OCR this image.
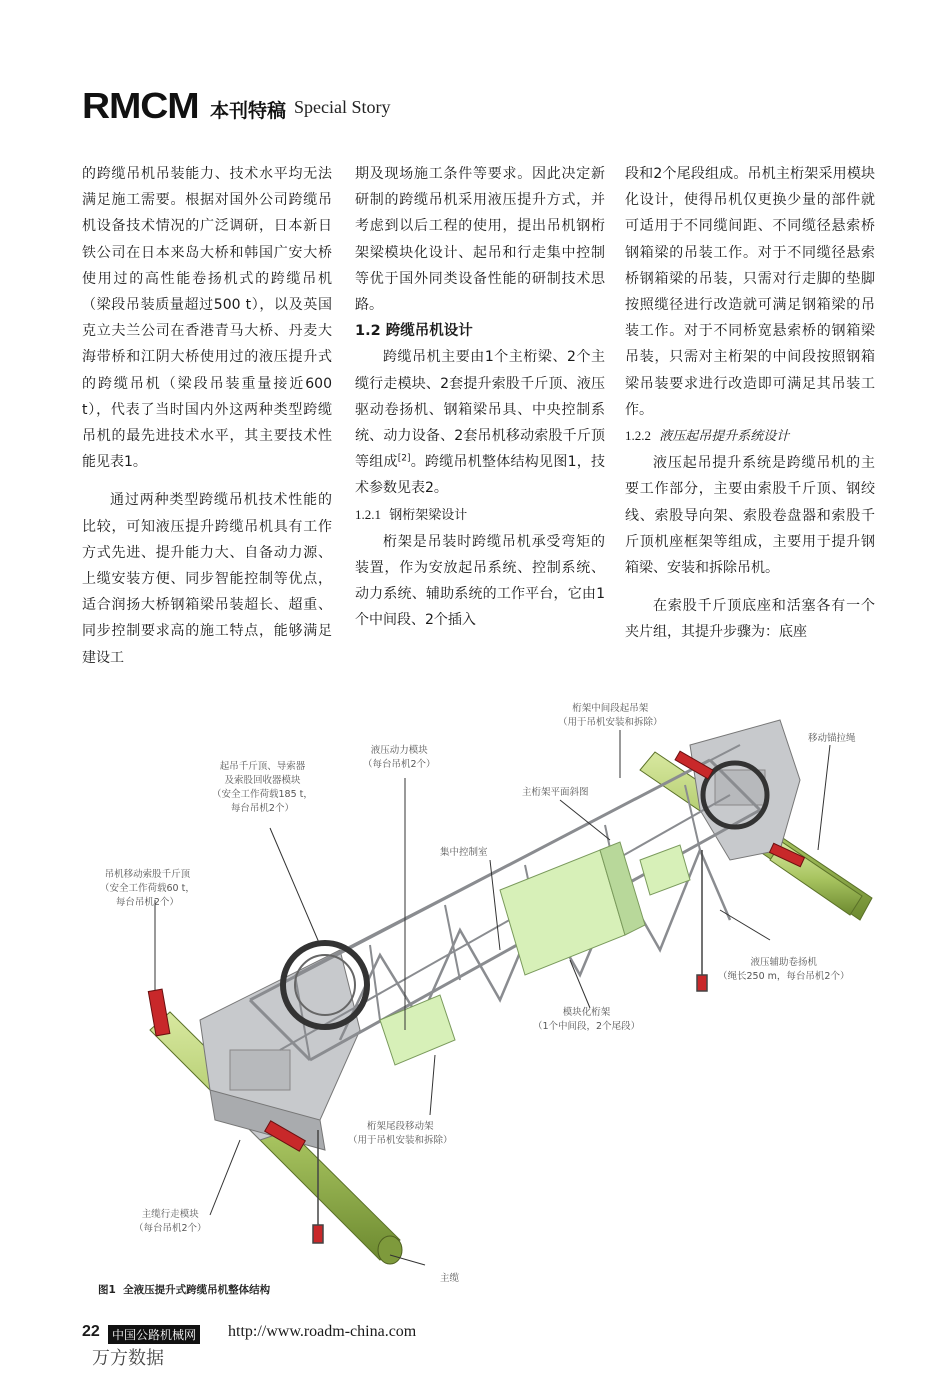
RMCM 本刊特稿 Special Story

的跨缆吊机吊装能力、技术水平均无法满足施工需要。根据对国外公司跨缆吊机设备技术情况的广泛调研，日本新日铁公司在日本来岛大桥和韩国广安大桥使用过的高性能卷扬机式的跨缆吊机（梁段吊装质量超过500 t），以及英国克立夫兰公司在香港青马大桥、丹麦大海带桥和江阴大桥使用过的液压提升式的跨缆吊机（梁段吊装重量接近600 t），代表了当时国内外这两种类型跨缆吊机的最先进技术水平，其主要技术性能见表1。

通过两种类型跨缆吊机技术性能的比较，可知液压提升跨缆吊机具有工作方式先进、提升能力大、自备动力源、上缆安装方便、同步智能控制等优点，适合润扬大桥钢箱梁吊装超长、超重、同步控制要求高的施工特点，能够满足建设工

期及现场施工条件等要求。因此决定新研制的跨缆吊机采用液压提升方式，并考虑到以后工程的使用，提出吊机钢桁架梁模块化设计、起吊和行走集中控制等优于国外同类设备性能的研制技术思路。

1.2 跨缆吊机设计

跨缆吊机主要由1个主桁梁、2个主缆行走模块、2套提升索股千斤顶、液压驱动卷扬机、钢箱梁吊具、中央控制系统、动力设备、2套吊机移动索股千斤顶等组成[2]。跨缆吊机整体结构见图1，技术参数见表2。

1.2.1 钢桁架梁设计

桁架是吊装时跨缆吊机承受弯矩的装置，作为安放起吊系统、控制系统、动力系统、辅助系统的工作平台，它由1个中间段、2个插入

段和2个尾段组成。吊机主桁架采用模块化设计，使得吊机仅更换少量的部件就可适用于不同缆间距、不同缆径悬索桥钢箱梁的吊装工作。对于不同缆径悬索桥钢箱梁的吊装，只需对行走脚的垫脚按照缆径进行改造就可满足钢箱梁的吊装工作。对于不同桥宽悬索桥的钢箱梁吊装，只需对主桁架的中间段按照钢箱梁吊装要求进行改造即可满足其吊装工作。

1.2.2 液压起吊提升系统设计

液压起吊提升系统是跨缆吊机的主要工作部分，主要由索股千斤顶、钢绞线、索股导向架、索股卷盘器和索股千斤顶机座框架等组成，主要用于提升钢箱梁、安装和拆除吊机。

在索股千斤顶底座和活塞各有一个夹片组，其提升步骤为：底座

桁架中间段起吊架
（用于吊机安装和拆除）
移动锚拉绳
液压动力模块
（每台吊机2个）
起吊千斤顶、导索器
及索股回收器模块
（安全工作荷载185 t，
每台吊机2个）
主桁架平面斜图
集中控制室
吊机移动索股千斤顶
（安全工作荷载60 t，
每台吊机2个）
液压辅助卷扬机
（绳长250 m，每台吊机2个）
模块化桁架
（1个中间段，2个尾段）
桁架尾段移动架
（用于吊机安装和拆除）
主缆行走模块
（每台吊机2个）
主缆
图1  全液压提升式跨缆吊机整体结构
22	中国公路机械网 http://www.roadm-china.com
万方数据
